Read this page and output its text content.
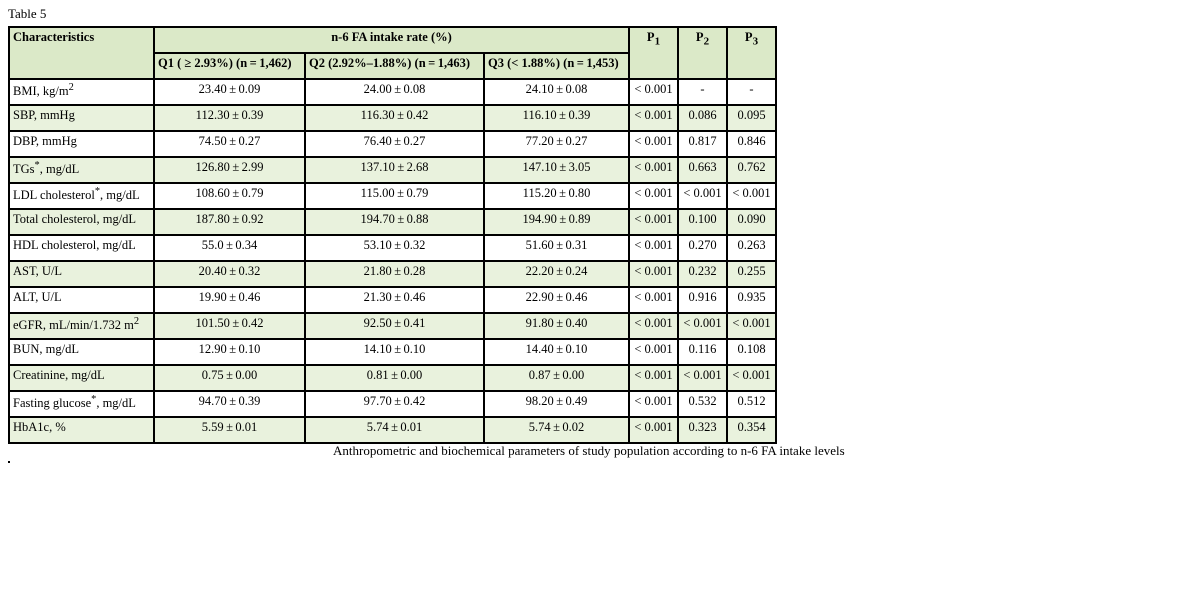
Table 5
Characteristics	n-6 FA intake rate (%)			$P_1$	$P_2$	$P_3$
	Q1 ( ≥ 2.93%) (n = 1,462)	Q2 (2.92%–1.88%) (n = 1,463)	Q3 (< 1.88%) (n = 1,453)			
BMI, $kg/m^2$	23.40 ± 0.09	24.00 ± 0.08	24.10 ± 0.08	< 0.001	-	-
SBP, mmHg	112.30 ± 0.39	116.30 ± 0.42	116.10 ± 0.39	< 0.001	0.086	0.095
DBP, mmHg	74.50 ± 0.27	76.40 ± 0.27	77.20 ± 0.27	< 0.001	0.817	0.846
TGs*, mg/dL	126.80 ± 2.99	137.10 ± 2.68	147.10 ± 3.05	< 0.001	0.663	0.762
LDL cholesterol*, mg/dL	108.60 ± 0.79	115.00 ± 0.79	115.20 ± 0.80	< 0.001	< 0.001	< 0.001
Total cholesterol, mg/dL	187.80 ± 0.92	194.70 ± 0.88	194.90 ± 0.89	< 0.001	0.100	0.090
HDL cholesterol, mg/dL	55.0 ± 0.34	53.10 ± 0.32	51.60 ± 0.31	< 0.001	0.270	0.263
AST, U/L	20.40 ± 0.32	21.80 ± 0.28	22.20 ± 0.24	< 0.001	0.232	0.255
ALT, U/L	19.90 ± 0.46	21.30 ± 0.46	22.90 ± 0.46	< 0.001	0.916	0.935
eGFR, mL/min/1.732 $m^2$	101.50 ± 0.42	92.50 ± 0.41	91.80 ± 0.40	< 0.001	< 0.001	< 0.001
BUN, mg/dL	12.90 ± 0.10	14.10 ± 0.10	14.40 ± 0.10	< 0.001	0.116	0.108
Creatinine, mg/dL	0.75 ± 0.00	0.81 ± 0.00	0.87 ± 0.00	< 0.001	< 0.001	< 0.001
Fasting glucose*, mg/dL	94.70 ± 0.39	97.70 ± 0.42	98.20 ± 0.49	< 0.001	0.532	0.512
HbA1c, %	5.59 ± 0.01	5.74 ± 0.01	5.74 ± 0.02	< 0.001	0.323	0.354
Anthropometric and biochemical parameters of study population according to n-6 FA intake levels
